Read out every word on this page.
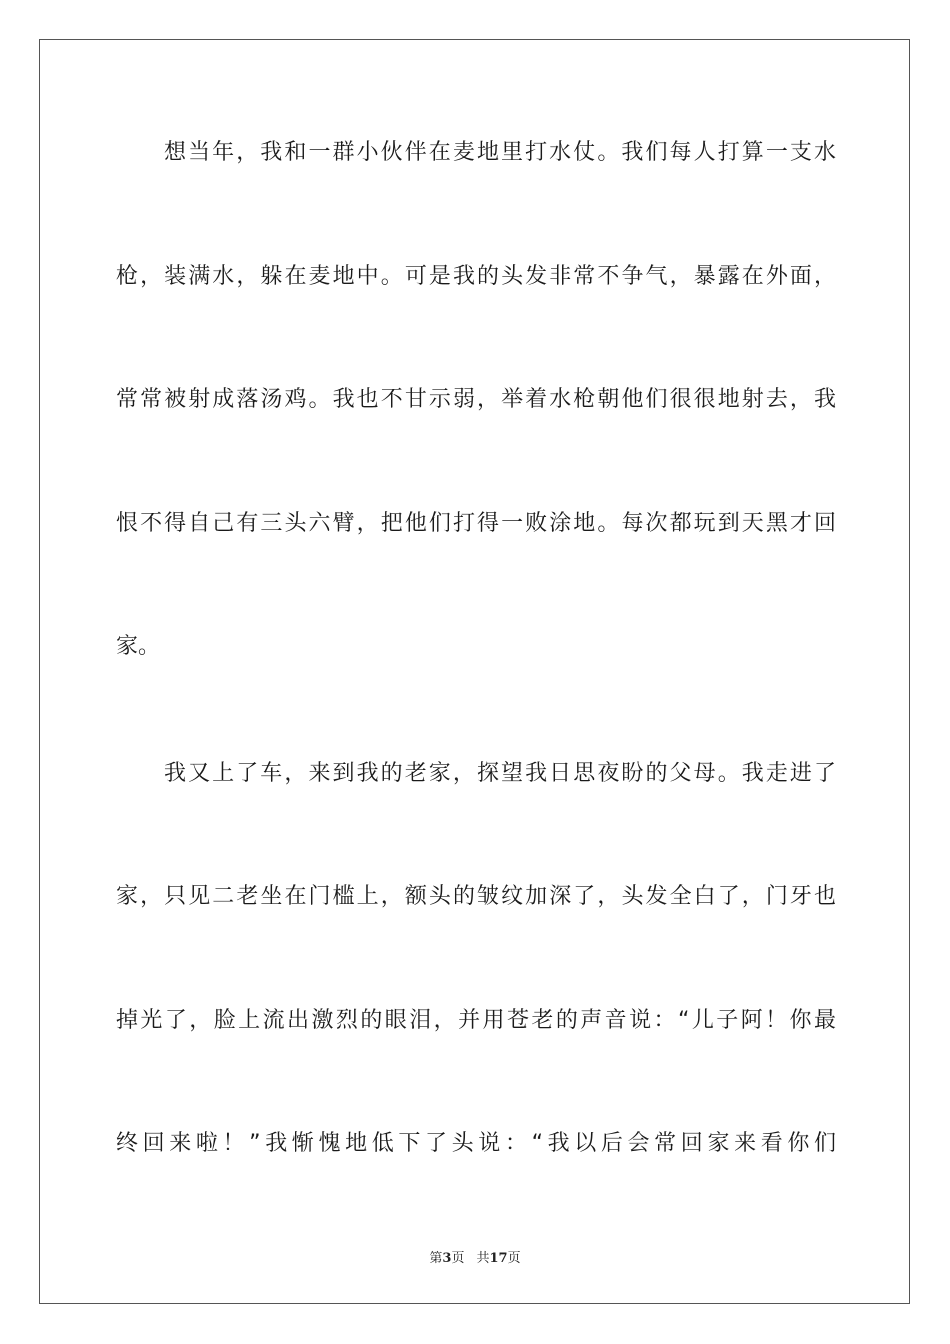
想当年，我和一群小伙伴在麦地里打水仗。我们每人打算一支水
枪，装满水，躲在麦地中。可是我的头发非常不争气，暴露在外面，
常常被射成落汤鸡。我也不甘示弱，举着水枪朝他们很很地射去，我
恨不得自己有三头六臂，把他们打得一败涂地。每次都玩到天黑才回
家。
我又上了车，来到我的老家，探望我日思夜盼的父母。我走进了
家，只见二老坐在门槛上，额头的皱纹加深了，头发全白了，门牙也
掉光了，脸上流出激烈的眼泪，并用苍老的声音说：“儿子阿！你最
终回来啦！”我惭愧地低下了头说：“我以后会常回家来看你们
第3页 共17页
